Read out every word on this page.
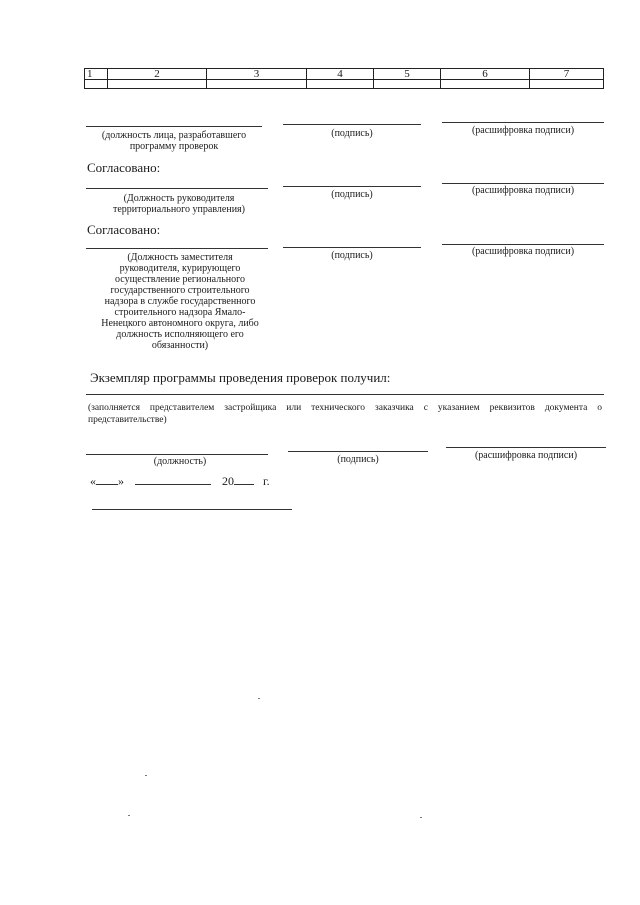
1	2	3	4	5	6	7

(должность лица, разработавшего программу проверок
(подпись)	(расшифровка подписи)
Согласовано:
(Должность руководителя территориального управления)
(подпись)	(расшифровка подписи)
Согласовано:
(Должность заместителя руководителя, курирующего осуществление регионального государственного строительного надзора в службе государственного строительного надзора Ямало-Ненецкого автономного округа, либо должность исполняющего его обязанности)
(подпись)	(расшифровка подписи)
Экземпляр программы проведения проверок получил:
(заполняется представителем застройщика или технического заказчика с указанием реквизитов документа о представительстве)
(должность)	(подпись)	(расшифровка подписи)
« »	20 г.
